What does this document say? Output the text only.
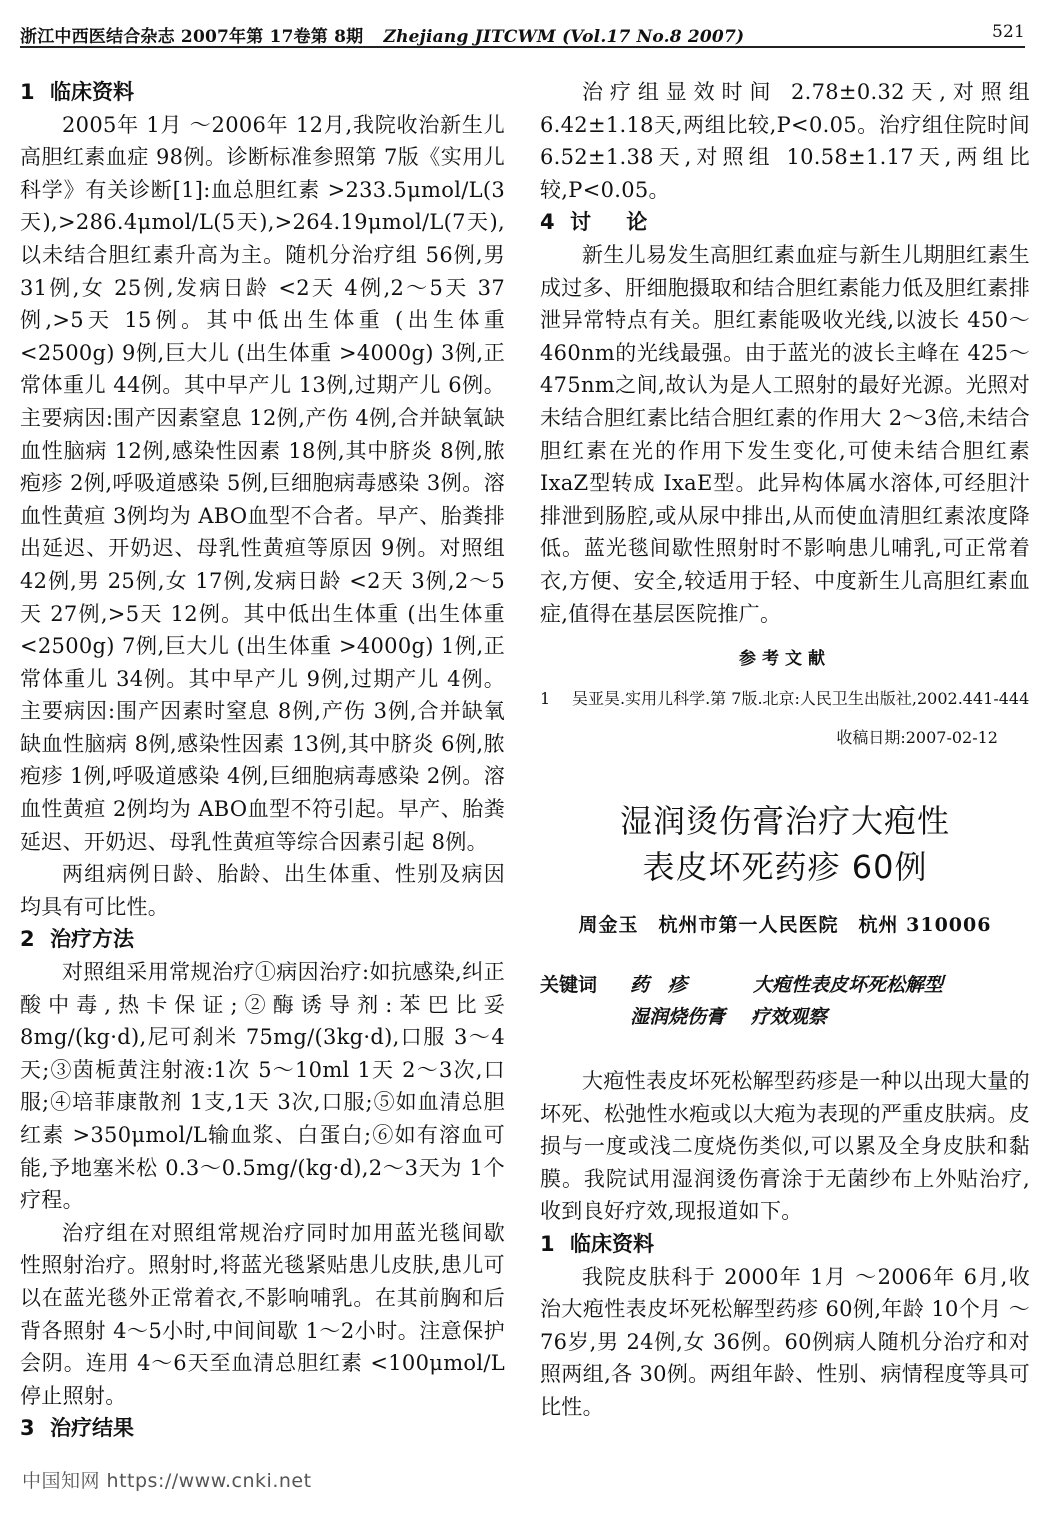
浙江中西医结合杂志 2007年第 17卷第 8期 Zhejiang JITCWM (Vol.17 No.8 2007)	521
1 临床资料

2005年 1月 ～2006年 12月,我院收治新生儿高胆红素血症 98例。诊断标准参照第 7版《实用儿科学》有关诊断[1]:血总胆红素 >233.5μmol/L(3天),>286.4μmol/L(5天),>264.19μmol/L(7天),以未结合胆红素升高为主。随机分治疗组 56例,男 31例,女 25例,发病日龄 <2天 4例,2～5天 37例,>5天 15例。其中低出生体重 (出生体重 <2500g) 9例,巨大儿 (出生体重 >4000g) 3例,正常体重儿 44例。其中早产儿 13例,过期产儿 6例。主要病因:围产因素窒息 12例,产伤 4例,合并缺氧缺血性脑病 12例,感染性因素 18例,其中脐炎 8例,脓疱疹 2例,呼吸道感染 5例,巨细胞病毒感染 3例。溶血性黄疸 3例均为 ABO血型不合者。早产、胎粪排出延迟、开奶迟、母乳性黄疸等原因 9例。对照组 42例,男 25例,女 17例,发病日龄 <2天 3例,2～5天 27例,>5天 12例。其中低出生体重 (出生体重 <2500g) 7例,巨大儿 (出生体重 >4000g) 1例,正常体重儿 34例。其中早产儿 9例,过期产儿 4例。主要病因:围产因素时窒息 8例,产伤 3例,合并缺氧缺血性脑病 8例,感染性因素 13例,其中脐炎 6例,脓疱疹 1例,呼吸道感染 4例,巨细胞病毒感染 2例。溶血性黄疸 2例均为 ABO血型不符引起。早产、胎粪延迟、开奶迟、母乳性黄疸等综合因素引起 8例。

两组病例日龄、胎龄、出生体重、性别及病因均具有可比性。

2 治疗方法

对照组采用常规治疗①病因治疗:如抗感染,纠正酸中毒,热卡保证;②酶诱导剂:苯巴比妥 8mg/(kg·d),尼可刹米 75mg/(3kg·d),口服 3～4天;③茵栀黄注射液:1次 5～10ml 1天 2～3次,口服;④培菲康散剂 1支,1天 3次,口服;⑤如血清总胆红素 >350μmol/L输血浆、白蛋白;⑥如有溶血可能,予地塞米松 0.3～0.5mg/(kg·d),2～3天为 1个疗程。

治疗组在对照组常规治疗同时加用蓝光毯间歇性照射治疗。照射时,将蓝光毯紧贴患儿皮肤,患儿可以在蓝光毯外正常着衣,不影响哺乳。在其前胸和后背各照射 4～5小时,中间间歇 1～2小时。注意保护会阴。连用 4～6天至血清总胆红素 <100μmol/L停止照射。

3 治疗结果

治疗组显效时间 2.78±0.32天,对照组 6.42±1.18天,两组比较,P<0.05。治疗组住院时间 6.52±1.38天,对照组 10.58±1.17天,两组比较,P<0.05。

4 讨 论

新生儿易发生高胆红素血症与新生儿期胆红素生成过多、肝细胞摄取和结合胆红素能力低及胆红素排泄异常特点有关。胆红素能吸收光线,以波长 450～460nm的光线最强。由于蓝光的波长主峰在 425～475nm之间,故认为是人工照射的最好光源。光照对未结合胆红素比结合胆红素的作用大 2～3倍,未结合胆红素在光的作用下发生变化,可使未结合胆红素 IxaZ型转成 IxaE型。此异构体属水溶体,可经胆汁排泄到肠腔,或从尿中排出,从而使血清胆红素浓度降低。蓝光毯间歇性照射时不影响患儿哺乳,可正常着衣,方便、安全,较适用于轻、中度新生儿高胆红素血症,值得在基层医院推广。

参考文献
1 吴亚昊.实用儿科学.第 7版.北京:人民卫生出版社,2002.441-444
收稿日期:2007-02-12
湿润烫伤膏治疗大疱性
表皮坏死药疹 60例
周金玉　杭州市第一人民医院　杭州 310006
关键词 药　疹	大疱性表皮坏死松解型
湿润烧伤膏 疗效观察

大疱性表皮坏死松解型药疹是一种以出现大量的坏死、松弛性水疱或以大疱为表现的严重皮肤病。皮损与一度或浅二度烧伤类似,可以累及全身皮肤和黏膜。我院试用湿润烫伤膏涂于无菌纱布上外贴治疗,收到良好疗效,现报道如下。

1 临床资料

我院皮肤科于 2000年 1月 ～2006年 6月,收治大疱性表皮坏死松解型药疹 60例,年龄 10个月 ～76岁,男 24例,女 36例。60例病人随机分治疗和对照两组,各 30例。两组年龄、性别、病情程度等具可比性。

中国知网 https://www.cnki.net
